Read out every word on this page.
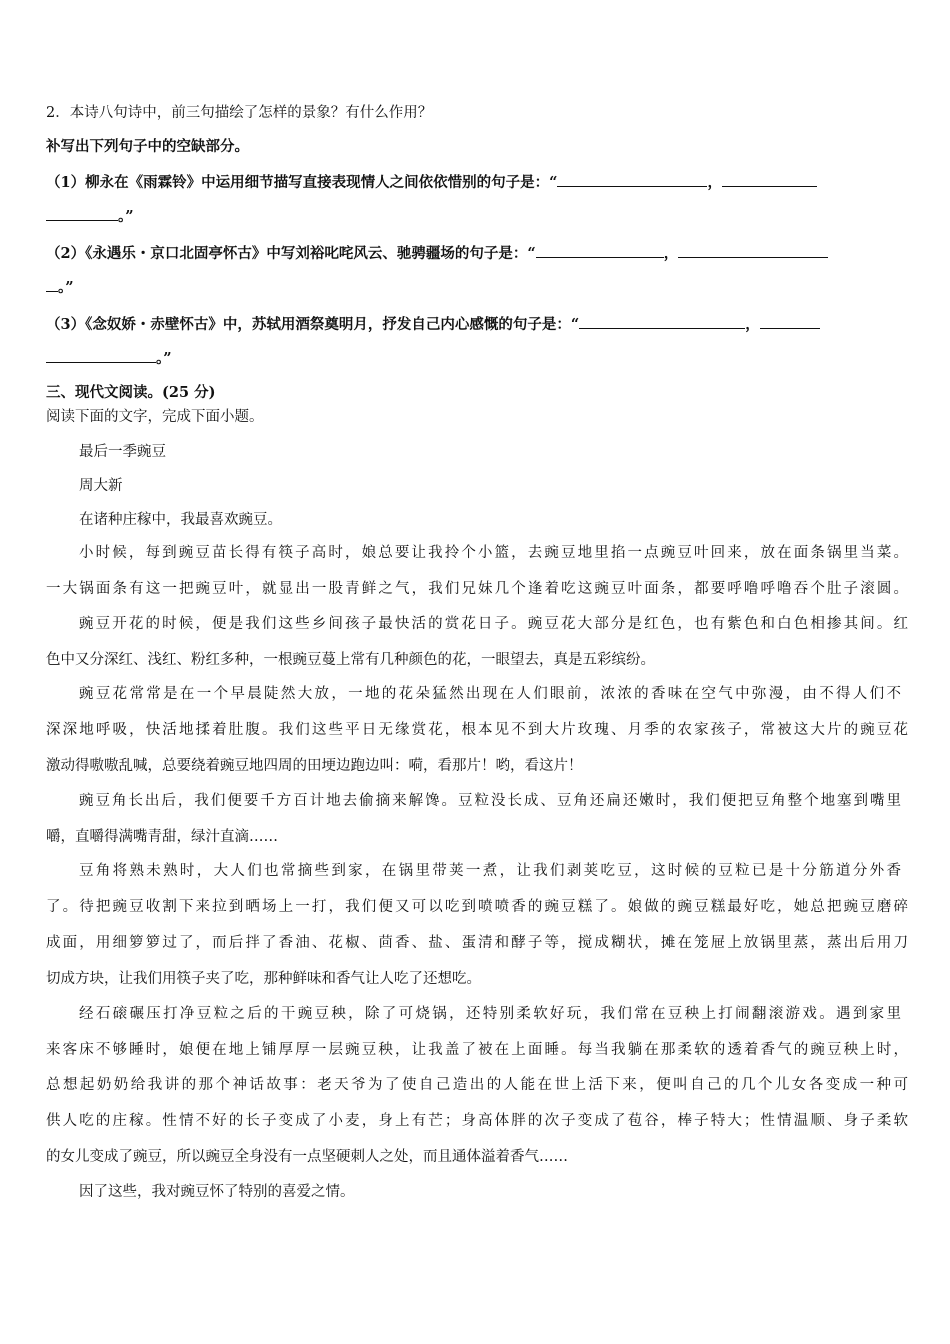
2．本诗八句诗中，前三句描绘了怎样的景象？有什么作用？
补写出下列句子中的空缺部分。
（1）柳永在《雨霖铃》中运用细节描写直接表现情人之间依依惜别的句子是：“	，
。”
（2）《永遇乐・京口北固亭怀古》中写刘裕叱咤风云、驰骋疆场的句子是：“	，
。”
（3）《念奴娇・赤壁怀古》中，苏轼用酒祭奠明月，抒发自己内心感慨的句子是：“	，
。”
三、现代文阅读。(25 分)
阅读下面的文字，完成下面小题。
最后一季豌豆
周大新
在诸种庄稼中，我最喜欢豌豆。
小时候，每到豌豆苗长得有筷子高时，娘总要让我拎个小篮，去豌豆地里掐一点豌豆叶回来，放在面条锅里当菜。
一大锅面条有这一把豌豆叶，就显出一股青鲜之气，我们兄妹几个逢着吃这豌豆叶面条，都要呼噜呼噜吞个肚子滚圆。
豌豆开花的时候，便是我们这些乡间孩子最快活的赏花日子。豌豆花大部分是红色，也有紫色和白色相掺其间。红
色中又分深红、浅红、粉红多种，一根豌豆蔓上常有几种颜色的花，一眼望去，真是五彩缤纷。
豌豆花常常是在一个早晨陡然大放，一地的花朵猛然出现在人们眼前，浓浓的香味在空气中弥漫，由不得人们不
深深地呼吸，快活地揉着肚腹。我们这些平日无缘赏花，根本见不到大片玫瑰、月季的农家孩子，常被这大片的豌豆花
激动得嗷嗷乱喊，总要绕着豌豆地四周的田埂边跑边叫：嗬，看那片！哟，看这片！
豌豆角长出后，我们便要千方百计地去偷摘来解馋。豆粒没长成、豆角还扁还嫩时，我们便把豆角整个地塞到嘴里
嚼，直嚼得满嘴青甜，绿汁直滴……
豆角将熟未熟时，大人们也常摘些到家，在锅里带荚一煮，让我们剥荚吃豆，这时候的豆粒已是十分筋道分外香
了。待把豌豆收割下来拉到晒场上一打，我们便又可以吃到喷喷香的豌豆糕了。娘做的豌豆糕最好吃，她总把豌豆磨碎
成面，用细箩箩过了，而后拌了香油、花椒、茴香、盐、蛋清和酵子等，搅成糊状，摊在笼屉上放锅里蒸，蒸出后用刀
切成方块，让我们用筷子夹了吃，那种鲜味和香气让人吃了还想吃。
经石磙碾压打净豆粒之后的干豌豆秧，除了可烧锅，还特别柔软好玩，我们常在豆秧上打闹翻滚游戏。遇到家里
来客床不够睡时，娘便在地上铺厚厚一层豌豆秧，让我盖了被在上面睡。每当我躺在那柔软的透着香气的豌豆秧上时，
总想起奶奶给我讲的那个神话故事：老天爷为了使自己造出的人能在世上活下来，便叫自己的几个儿女各变成一种可
供人吃的庄稼。性情不好的长子变成了小麦，身上有芒；身高体胖的次子变成了苞谷，棒子特大；性情温顺、身子柔软
的女儿变成了豌豆，所以豌豆全身没有一点坚硬刺人之处，而且通体溢着香气……
因了这些，我对豌豆怀了特别的喜爱之情。
